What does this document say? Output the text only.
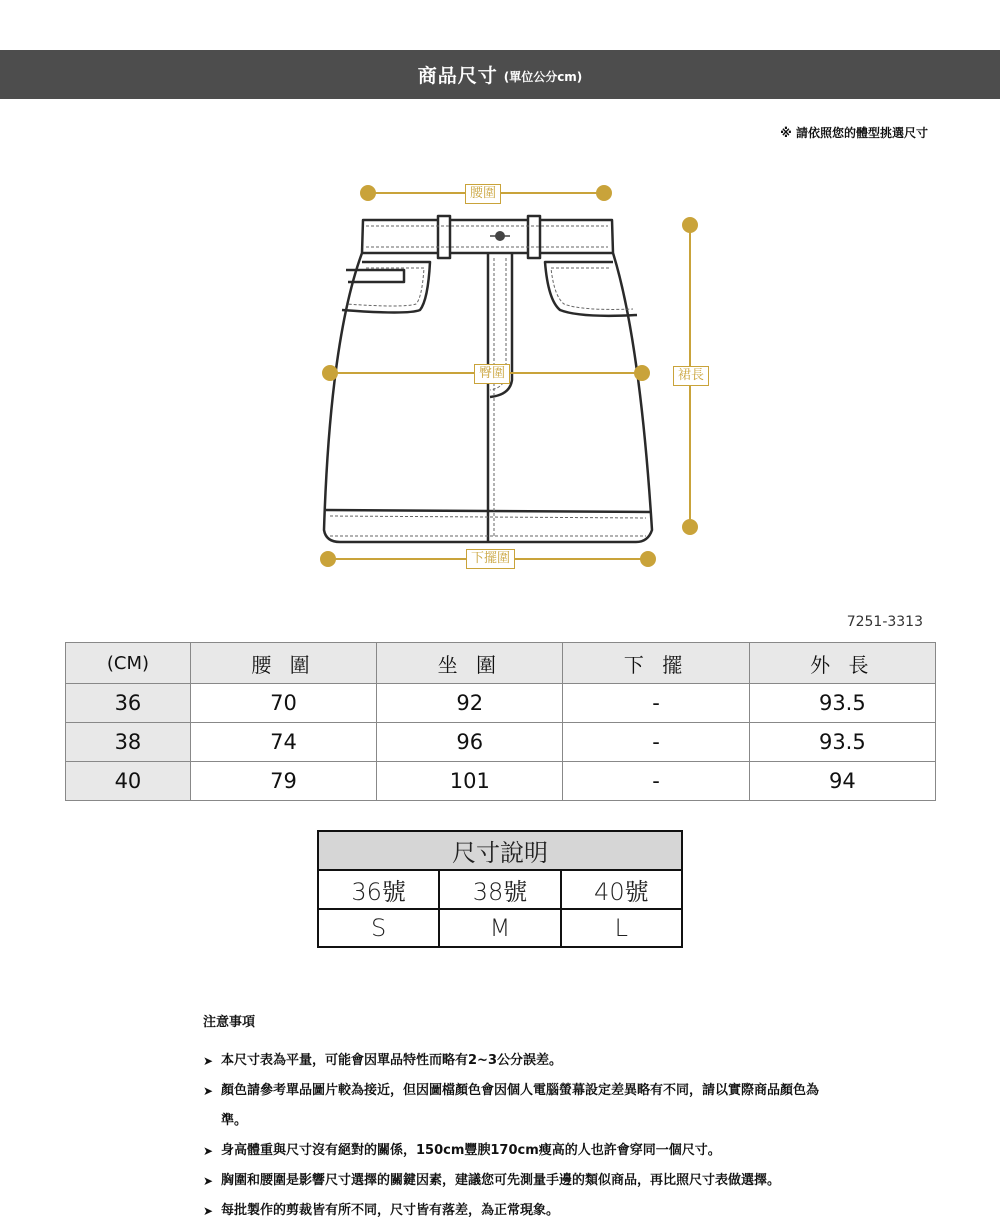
商品尺寸 (單位公分cm)
※ 請依照您的體型挑選尺寸
腰圍
臀圍
下擺圍
裙長
7251-3313
(CM)	腰 圍	坐 圍	下 擺	外 長
36	70	92	-	93.5
38	74	96	-	93.5
40	79	101	-	94
尺寸說明		
36號	38號	40號
S	M	L
注意事項
➤ 本尺寸表為平量，可能會因單品特性而略有2~3公分誤差。
➤ 顏色請參考單品圖片較為接近，但因圖檔顏色會因個人電腦螢幕設定差異略有不同，請以實際商品顏色為準。
➤ 身高體重與尺寸沒有絕對的關係，150cm豐腴170cm瘦高的人也許會穿同一個尺寸。
➤ 胸圍和腰圍是影響尺寸選擇的關鍵因素，建議您可先測量手邊的類似商品，再比照尺寸表做選擇。
➤ 每批製作的剪裁皆有所不同，尺寸皆有落差，為正常現象。
